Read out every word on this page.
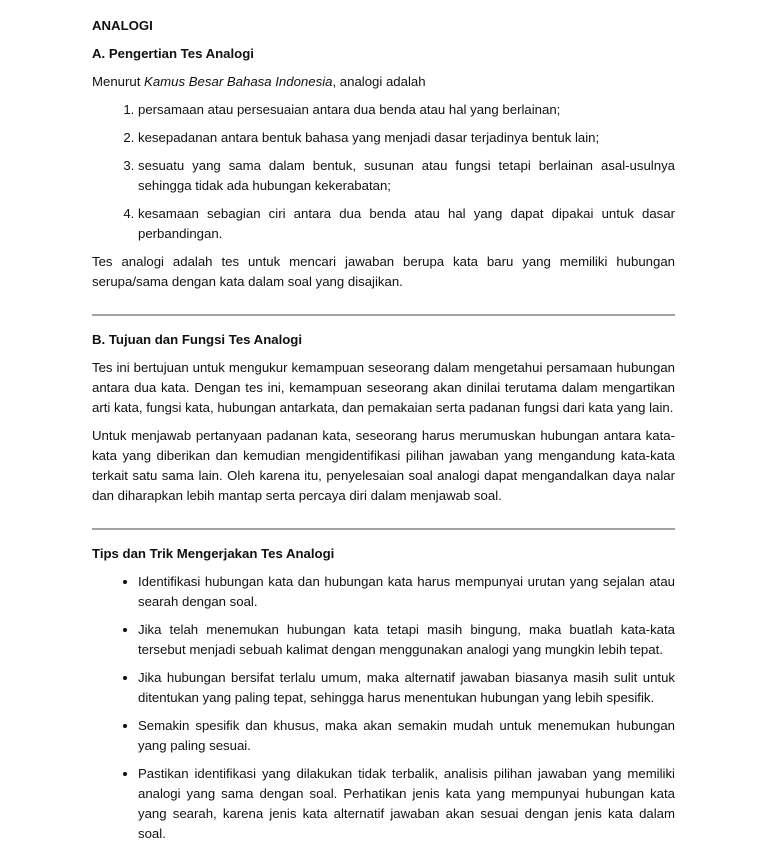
ANALOGI
A. Pengertian Tes Analogi

Menurut Kamus Besar Bahasa Indonesia, analogi adalah

1. persamaan atau persesuaian antara dua benda atau hal yang berlainan;
2. kesepadanan antara bentuk bahasa yang menjadi dasar terjadinya bentuk lain;
3. sesuatu yang sama dalam bentuk, susunan atau fungsi tetapi berlainan asal-usulnya sehingga tidak ada hubungan kekerabatan;
4. kesamaan sebagian ciri antara dua benda atau hal yang dapat dipakai untuk dasar perbandingan.

Tes analogi adalah tes untuk mencari jawaban berupa kata baru yang memiliki hubungan serupa/sama dengan kata dalam soal yang disajikan.

B. Tujuan dan Fungsi Tes Analogi

Tes ini bertujuan untuk mengukur kemampuan seseorang dalam mengetahui persamaan hubungan antara dua kata. Dengan tes ini, kemampuan seseorang akan dinilai terutama dalam mengartikan arti kata, fungsi kata, hubungan antarkata, dan pemakaian serta padanan fungsi dari kata yang lain.

Untuk menjawab pertanyaan padanan kata, seseorang harus merumuskan hubungan antara kata-kata yang diberikan dan kemudian mengidentifikasi pilihan jawaban yang mengandung kata-kata terkait satu sama lain. Oleh karena itu, penyelesaian soal analogi dapat mengandalkan daya nalar dan diharapkan lebih mantap serta percaya diri dalam menjawab soal.

Tips dan Trik Mengerjakan Tes Analogi
• Identifikasi hubungan kata dan hubungan kata harus mempunyai urutan yang sejalan atau searah dengan soal.
• Jika telah menemukan hubungan kata tetapi masih bingung, maka buatlah kata-kata tersebut menjadi sebuah kalimat dengan menggunakan analogi yang mungkin lebih tepat.
• Jika hubungan bersifat terlalu umum, maka alternatif jawaban biasanya masih sulit untuk ditentukan yang paling tepat, sehingga harus menentukan hubungan yang lebih spesifik.
• Semakin spesifik dan khusus, maka akan semakin mudah untuk menemukan hubungan yang paling sesuai.
• Pastikan identifikasi yang dilakukan tidak terbalik, analisis pilihan jawaban yang memiliki analogi yang sama dengan soal. Perhatikan jenis kata yang mempunyai hubungan kata yang searah, karena jenis kata alternatif jawaban akan sesuai dengan jenis kata dalam soal.
